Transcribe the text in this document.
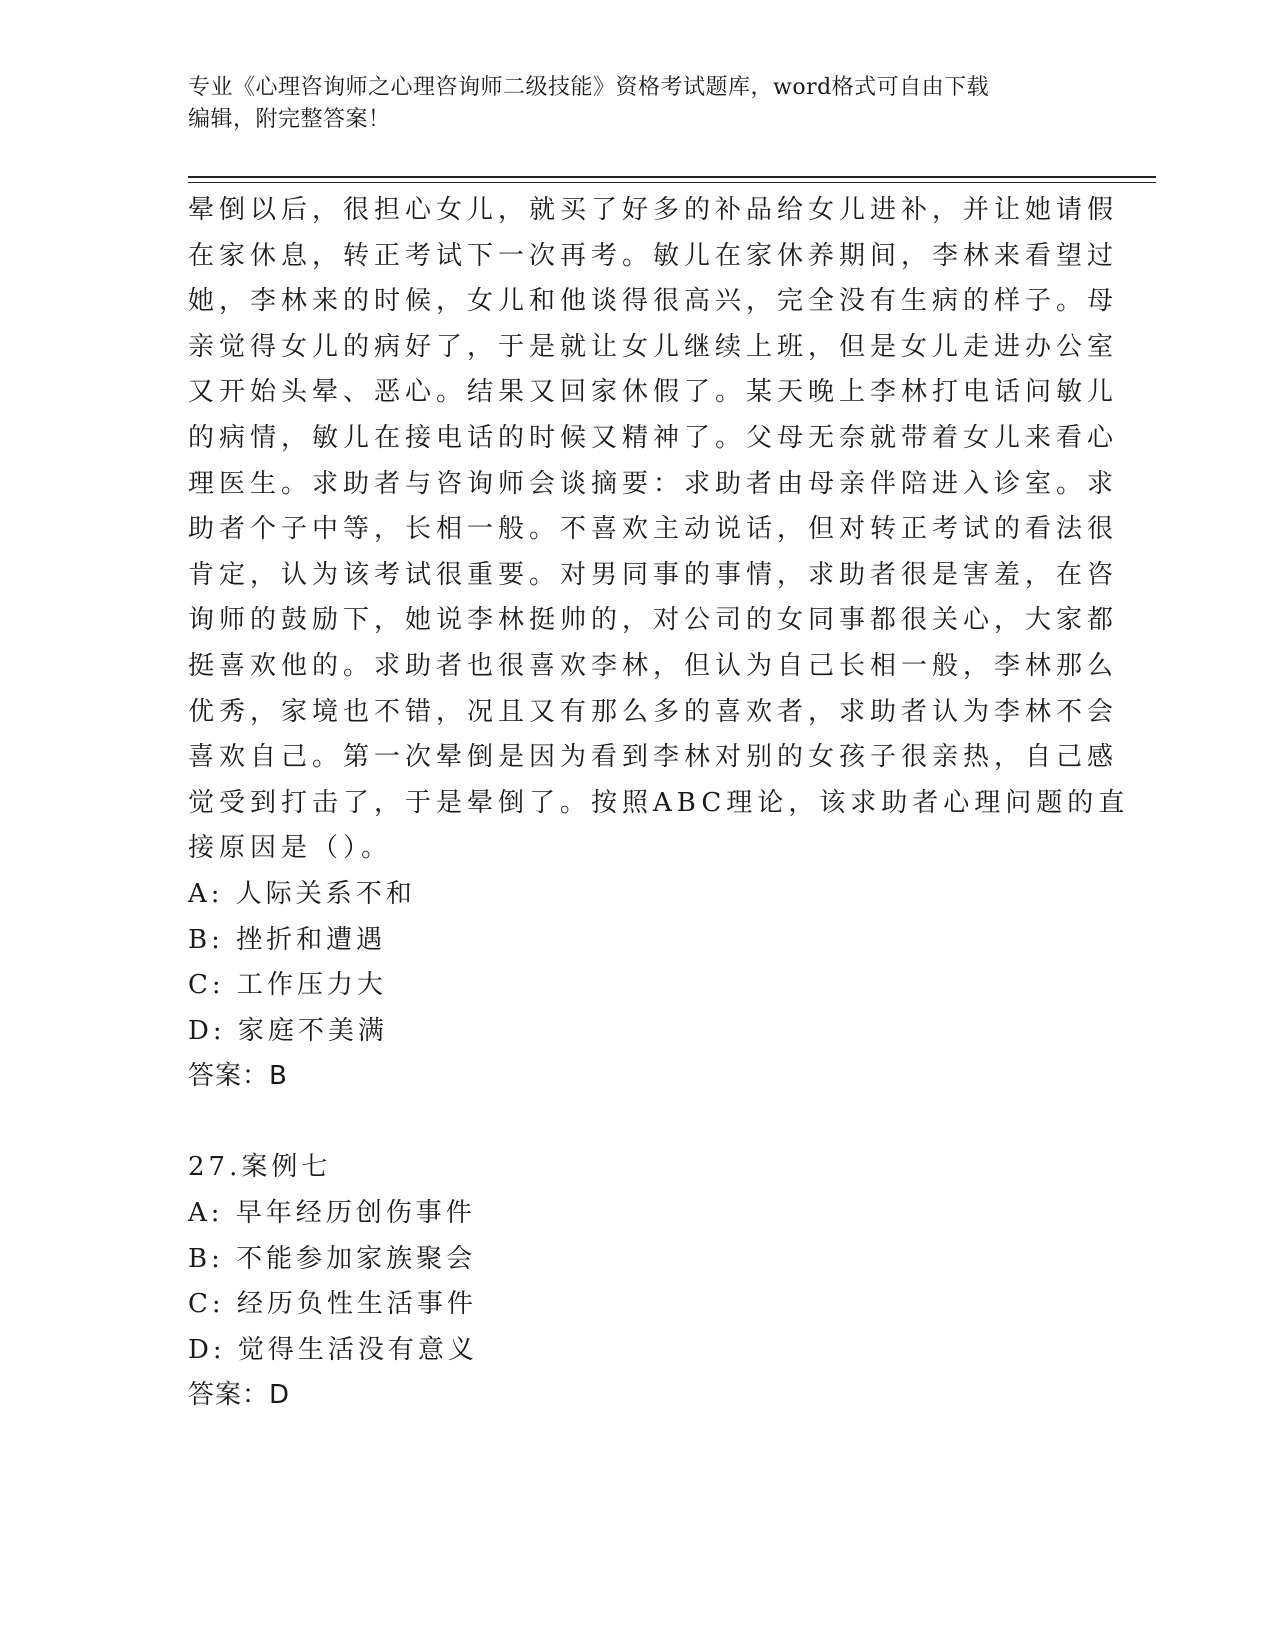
专业《心理咨询师之心理咨询师二级技能》资格考试题库，word格式可自由下载
编辑，附完整答案！
晕倒以后，很担心女儿，就买了好多的补品给女儿进补，并让她请假
在家休息，转正考试下一次再考。敏儿在家休养期间，李林来看望过
她，李林来的时候，女儿和他谈得很高兴，完全没有生病的样子。母
亲觉得女儿的病好了，于是就让女儿继续上班，但是女儿走进办公室
又开始头晕、恶心。结果又回家休假了。某天晚上李林打电话问敏儿
的病情，敏儿在接电话的时候又精神了。父母无奈就带着女儿来看心
理医生。求助者与咨询师会谈摘要：求助者由母亲伴陪进入诊室。求
助者个子中等，长相一般。不喜欢主动说话，但对转正考试的看法很
肯定，认为该考试很重要。对男同事的事情，求助者很是害羞，在咨
询师的鼓励下，她说李林挺帅的，对公司的女同事都很关心，大家都
挺喜欢他的。求助者也很喜欢李林，但认为自己长相一般，李林那么
优秀，家境也不错，况且又有那么多的喜欢者，求助者认为李林不会
喜欢自己。第一次晕倒是因为看到李林对别的女孩子很亲热，自己感
觉受到打击了，于是晕倒了。按照ABC理论，该求助者心理问题的直
接原因是（）。
A: 人际关系不和
B: 挫折和遭遇
C: 工作压力大
D: 家庭不美满
答案：B
27.案例七
A: 早年经历创伤事件
B: 不能参加家族聚会
C: 经历负性生活事件
D: 觉得生活没有意义
答案：D
